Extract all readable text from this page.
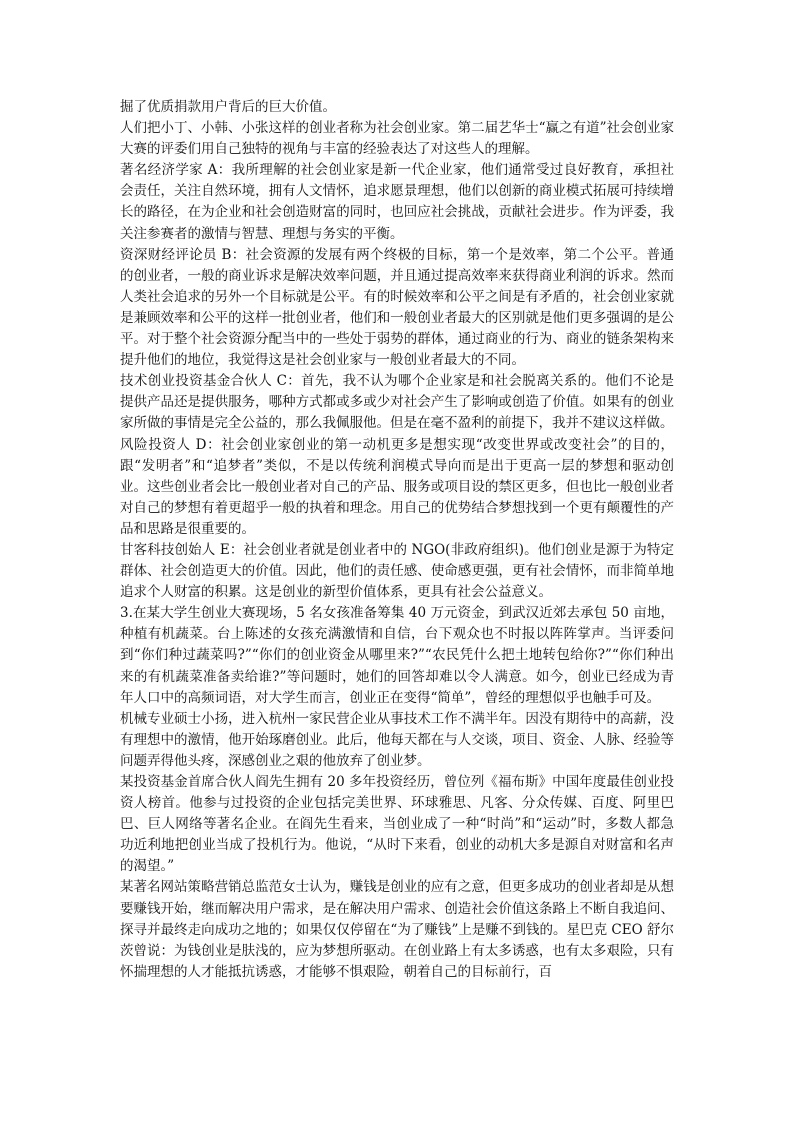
掘了优质捐款用户背后的巨大价值。

人们把小丁、小韩、小张这样的创业者称为社会创业家。第二届艺华士“赢之有道”社会创业家大赛的评委们用自己独特的视角与丰富的经验表达了对这些人的理解。

著名经济学家 A：我所理解的社会创业家是新一代企业家，他们通常受过良好教育，承担社会责任，关注自然环境，拥有人文情怀，追求愿景理想，他们以创新的商业模式拓展可持续增长的路径，在为企业和社会创造财富的同时，也回应社会挑战，贡献社会进步。作为评委，我关注参赛者的激情与智慧、理想与务实的平衡。

资深财经评论员 B：社会资源的发展有两个终极的目标，第一个是效率，第二个公平。普通的创业者，一般的商业诉求是解决效率问题，并且通过提高效率来获得商业利润的诉求。然而人类社会追求的另外一个目标就是公平。有的时候效率和公平之间是有矛盾的，社会创业家就是兼顾效率和公平的这样一批创业者，他们和一般创业者最大的区别就是他们更多强调的是公平。对于整个社会资源分配当中的一些处于弱势的群体，通过商业的行为、商业的链条架构来提升他们的地位，我觉得这是社会创业家与一般创业者最大的不同。

技术创业投资基金合伙人 C：首先，我不认为哪个企业家是和社会脱离关系的。他们不论是提供产品还是提供服务，哪种方式都或多或少对社会产生了影响或创造了价值。如果有的创业家所做的事情是完全公益的，那么我佩服他。但是在毫不盈利的前提下，我并不建议这样做。

风险投资人 D：社会创业家创业的第一动机更多是想实现“改变世界或改变社会”的目的，跟“发明者”和“追梦者”类似，不是以传统利润模式导向而是出于更高一层的梦想和驱动创业。这些创业者会比一般创业者对自己的产品、服务或项目设的禁区更多，但也比一般创业者对自己的梦想有着更超乎一般的执着和理念。用自己的优势结合梦想找到一个更有颠覆性的产品和思路是很重要的。

甘客科技创始人 E：社会创业者就是创业者中的 NGO(非政府组织)。他们创业是源于为特定群体、社会创造更大的价值。因此，他们的责任感、使命感更强，更有社会情怀，而非简单地追求个人财富的积累。这是创业的新型价值体系，更具有社会公益意义。

3.在某大学生创业大赛现场，5 名女孩准备筹集 40 万元资金，到武汉近郊去承包 50 亩地，种植有机蔬菜。台上陈述的女孩充满激情和自信，台下观众也不时报以阵阵掌声。当评委问到“你们种过蔬菜吗?”“你们的创业资金从哪里来?”“农民凭什么把土地转包给你?”“你们种出来的有机蔬菜准备卖给谁?”等问题时，她们的回答却难以令人满意。如今，创业已经成为青年人口中的高频词语，对大学生而言，创业正在变得“简单”，曾经的理想似乎也触手可及。

机械专业硕士小扬，进入杭州一家民营企业从事技术工作不满半年。因没有期待中的高薪，没有理想中的激情，他开始琢磨创业。此后，他每天都在与人交谈，项目、资金、人脉、经验等问题弄得他头疼，深感创业之艰的他放弃了创业梦。

某投资基金首席合伙人阎先生拥有 20 多年投资经历，曾位列《福布斯》中国年度最佳创业投资人榜首。他参与过投资的企业包括完美世界、环球雅思、凡客、分众传媒、百度、阿里巴巴、巨人网络等著名企业。在阎先生看来，当创业成了一种“时尚”和“运动”时，多数人都急功近利地把创业当成了投机行为。他说，“从时下来看，创业的动机大多是源自对财富和名声的渴望。”

某著名网站策略营销总监范女士认为，赚钱是创业的应有之意，但更多成功的创业者却是从想要赚钱开始，继而解决用户需求，是在解决用户需求、创造社会价值这条路上不断自我追问、探寻并最终走向成功之地的；如果仅仅停留在“为了赚钱”上是赚不到钱的。星巴克 CEO 舒尔茨曾说：为钱创业是肤浅的，应为梦想所驱动。在创业路上有太多诱惑，也有太多艰险，只有怀揣理想的人才能抵抗诱惑，才能够不惧艰险，朝着自己的目标前行，百
